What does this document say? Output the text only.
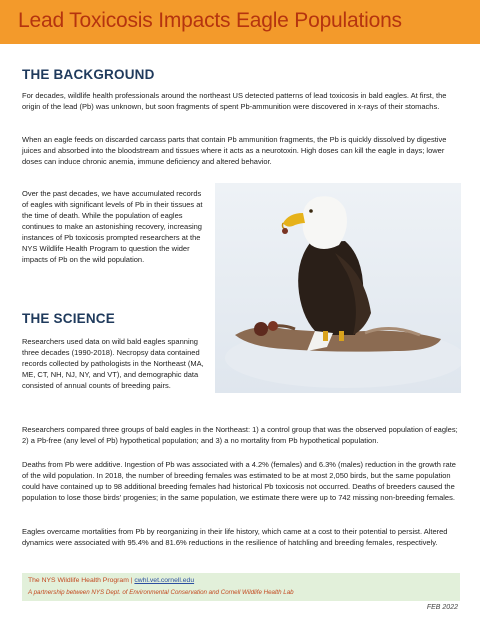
Lead Toxicosis Impacts Eagle Populations
THE BACKGROUND

For decades, wildlife health professionals around the northeast US detected patterns of lead toxicosis in bald eagles. At first, the origin of the lead (Pb) was unknown, but soon fragments of spent Pb-ammunition were discovered in x-rays of their stomachs.

When an eagle feeds on discarded carcass parts that contain Pb ammunition fragments, the Pb is quickly dissolved by digestive juices and absorbed into the bloodstream and tissues where it acts as a neurotoxin. High doses can kill the eagle in days; lower doses can induce chronic anemia, immune deficiency and altered behavior.

Over the past decades, we have accumulated records of eagles with significant levels of Pb in their tissues at the time of death. While the population of eagles continues to make an astonishing recovery, increasing instances of Pb toxicosis prompted researchers at the NYS Wildlife Health Program to question the wider impacts of Pb on the wild population.

THE SCIENCE

Researchers used data on wild bald eagles spanning three decades (1990-2018). Necropsy data contained records collected by pathologists in the Northeast (MA, ME, CT, NH, NJ, NY, and VT), and demographic data consisted of annual counts of breeding pairs.

Researchers compared three groups of bald eagles in the Northeast: 1) a control group that was the observed population of eagles; 2) a Pb-free (any level of Pb) hypothetical population; and 3) a no mortality from Pb hypothetical population.

Deaths from Pb were additive. Ingestion of Pb was associated with a 4.2% (females) and 6.3% (males) reduction in the growth rate of the wild population. In 2018, the number of breeding females was estimated to be at most 2,050 birds, but the same population could have contained up to 98 additional breeding females had historical Pb toxicosis not occurred. Deaths of breeders caused the population to lose those birds' progenies; in the same population, we estimate there were up to 742 missing non-breeding females.

Eagles overcame mortalities from Pb by reorganizing in their life history, which came at a cost to their potential to persist. Altered dynamics were associated with 95.4% and 81.6% reductions in the resilience of hatchling and breeding females, respectively.

The NYS Wildlife Health Program | cwhl.vet.cornell.edu
A partnership between NYS Dept. of Environmental Conservation and Cornell Wildlife Health Lab
FEB 2022
